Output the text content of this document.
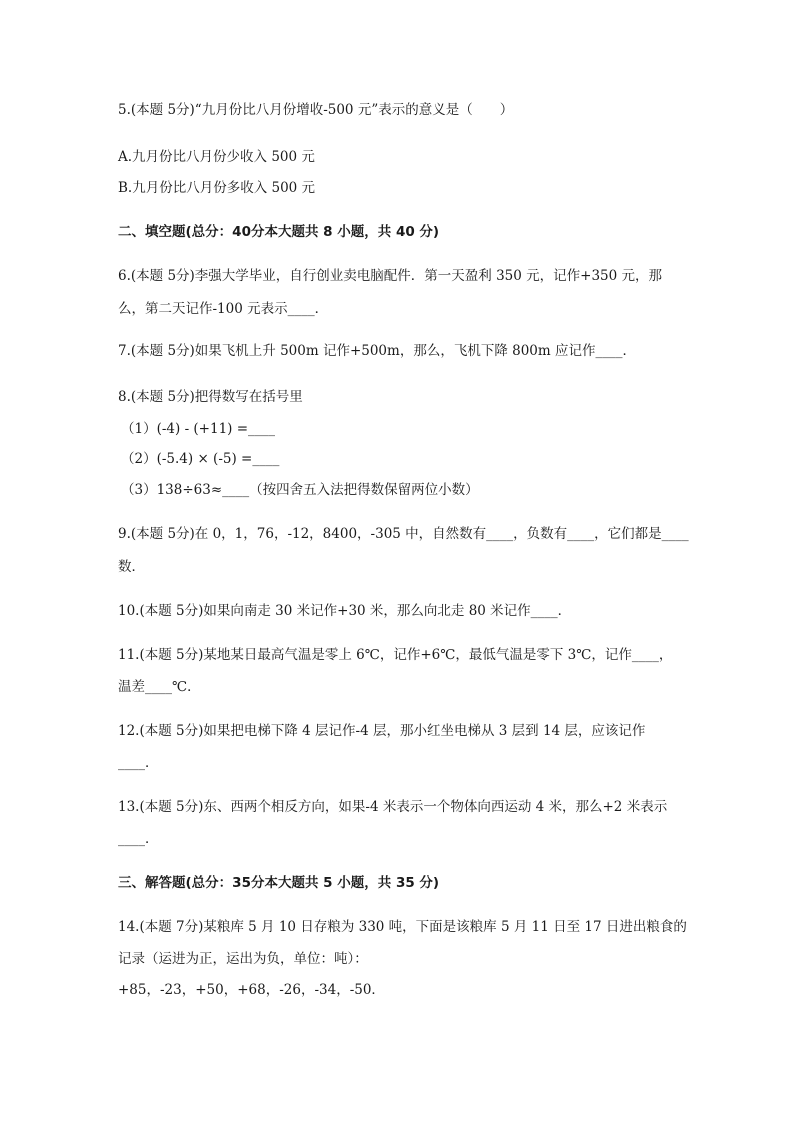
5.(本题 5分)“九月份比八月份增收-500 元”表示的意义是（　　）
A.九月份比八月份少收入 500 元
B.九月份比八月份多收入 500 元
二、填空题(总分：40分本大题共 8 小题，共 40 分)
6.(本题 5分)李强大学毕业，自行创业卖电脑配件．第一天盈利 350 元，记作+350 元，那
么，第二天记作-100 元表示____．
7.(本题 5分)如果飞机上升 500m 记作+500m，那么，飞机下降 800m 应记作____．
8.(本题 5分)把得数写在括号里
（1）(-4) - (+11) =____
（2）(-5.4) × (-5) =____
（3）138÷63≈____（按四舍五入法把得数保留两位小数）
9.(本题 5分)在 0，1，76，-12，8400，-305 中，自然数有____，负数有____，它们都是____
数．
10.(本题 5分)如果向南走 30 米记作+30 米，那么向北走 80 米记作____．
11.(本题 5分)某地某日最高气温是零上 6℃，记作+6℃，最低气温是零下 3℃，记作____，
温差____℃．
12.(本题 5分)如果把电梯下降 4 层记作-4 层，那小红坐电梯从 3 层到 14 层，应该记作
____．
13.(本题 5分)东、西两个相反方向，如果-4 米表示一个物体向西运动 4 米，那么+2 米表示
____．
三、解答题(总分：35分本大题共 5 小题，共 35 分)
14.(本题 7分)某粮库 5 月 10 日存粮为 330 吨，下面是该粮库 5 月 11 日至 17 日进出粮食的
记录（运进为正，运出为负，单位：吨）：
+85，-23，+50，+68，-26，-34，-50．
